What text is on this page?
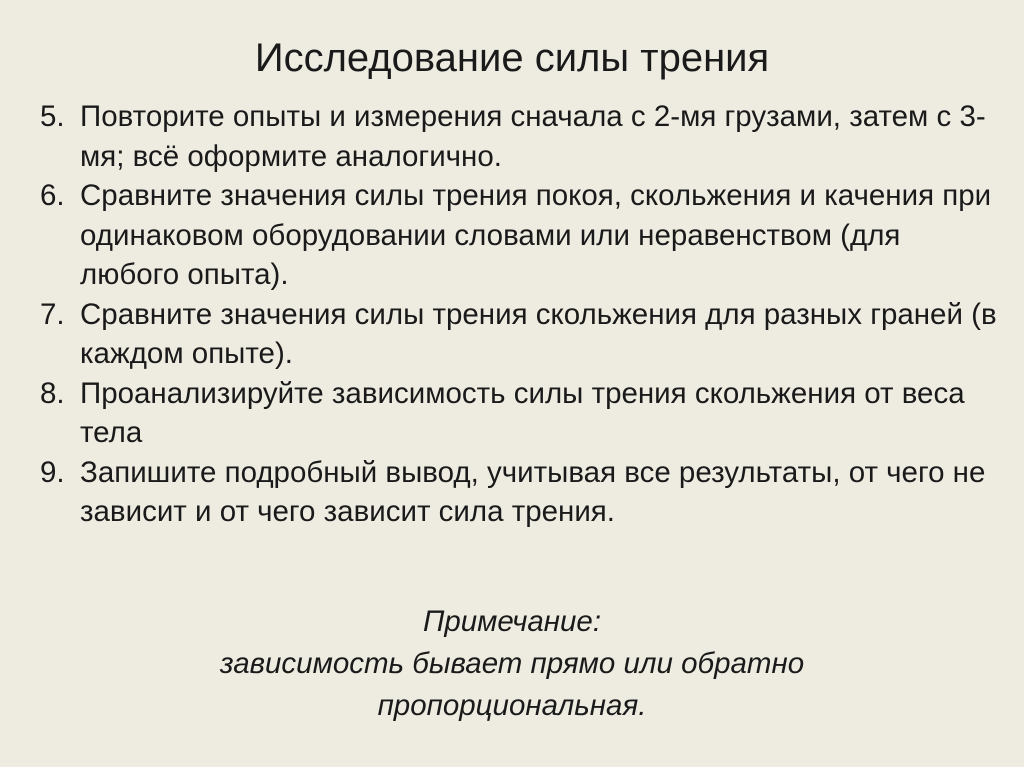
Исследование силы трения
5. Повторите опыты и измерения сначала с 2-мя грузами, затем с 3-мя; всё оформите аналогично.
6. Сравните значения силы трения покоя, скольжения и качения при одинаковом оборудовании словами или неравенством (для любого опыта).
7. Сравните значения силы трения скольжения для разных граней (в каждом опыте).
8. Проанализируйте зависимость силы трения скольжения от веса тела
9. Запишите подробный вывод, учитывая все результаты, от чего не зависит и от чего зависит сила трения.
Примечание:
зависимость бывает прямо или обратно
пропорциональная.
